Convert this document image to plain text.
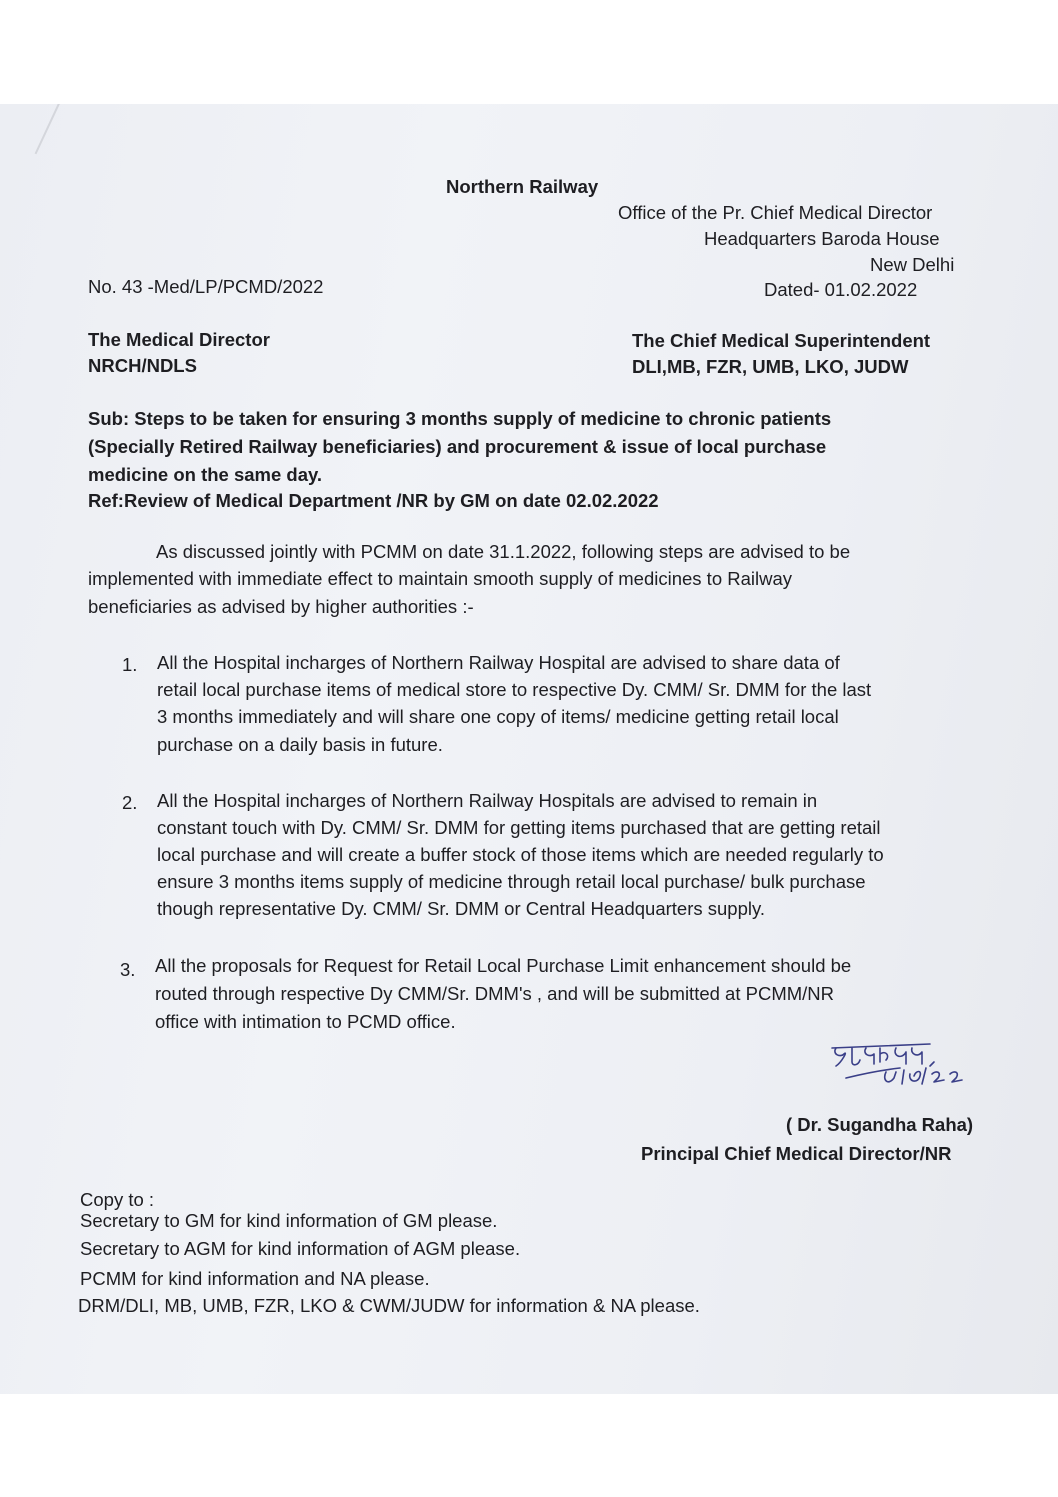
Northern Railway

Office of the Pr. Chief Medical Director

Headquarters Baroda House

New Delhi

No. 43 -Med/LP/PCMD/2022	Dated- 01.02.2022

The Medical Director

NRCH/NDLS

The Chief Medical Superintendent

DLI,MB, FZR, UMB, LKO, JUDW

Sub: Steps to be taken for ensuring 3 months supply of medicine to chronic patients

(Specially Retired Railway beneficiaries) and procurement & issue of local purchase

medicine on the same day.

Ref:Review of Medical Department /NR by GM on date 02.02.2022

As discussed jointly with PCMM on date 31.1.2022, following steps are advised to be

implemented with immediate effect to maintain smooth supply of medicines to Railway

beneficiaries as advised by higher authorities :-

1. All the Hospital incharges of Northern Railway Hospital are advised to share data of

retail local purchase items of medical store to respective Dy. CMM/ Sr. DMM for the last

3 months immediately and will share one copy of items/ medicine getting retail local

purchase on a daily basis in future.

2. All the Hospital incharges of Northern Railway Hospitals are advised to remain in

constant touch with Dy. CMM/ Sr. DMM for getting items purchased that are getting retail

local purchase and will create a buffer stock of those items which are needed regularly to

ensure 3 months items supply of medicine through retail local purchase/ bulk purchase

though representative Dy. CMM/ Sr. DMM or Central Headquarters supply.

3. All the proposals for Request for Retail Local Purchase Limit enhancement should be

routed through respective Dy CMM/Sr. DMM's , and will be submitted at PCMM/NR

office with intimation to PCMD office.

( Dr. Sugandha Raha)

Principal Chief Medical Director/NR

Copy to :

Secretary to GM for kind information of GM please.

Secretary to AGM for kind information of AGM please.

PCMM for kind information and NA please.

DRM/DLI, MB, UMB, FZR, LKO & CWM/JUDW for information & NA please.
